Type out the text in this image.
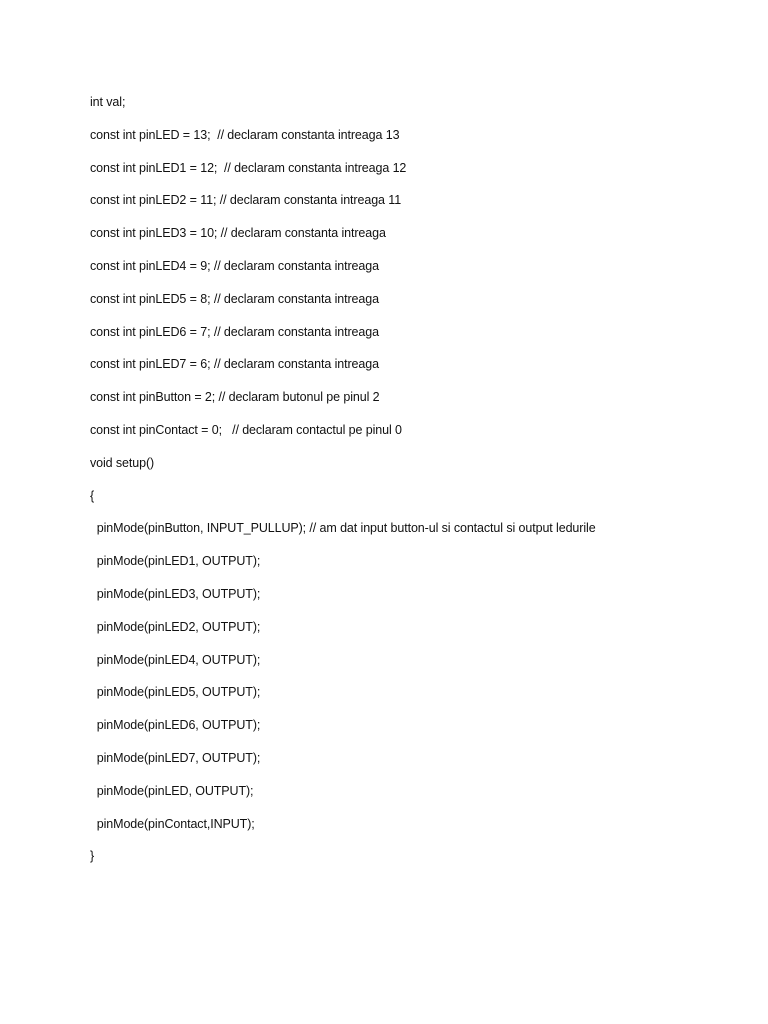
int val;
const int pinLED = 13;  // declaram constanta intreaga 13
const int pinLED1 = 12;  // declaram constanta intreaga 12
const int pinLED2 = 11; // declaram constanta intreaga 11
const int pinLED3 = 10; // declaram constanta intreaga
const int pinLED4 = 9; // declaram constanta intreaga
const int pinLED5 = 8; // declaram constanta intreaga
const int pinLED6 = 7; // declaram constanta intreaga
const int pinLED7 = 6; // declaram constanta intreaga
const int pinButton = 2; // declaram butonul pe pinul 2
const int pinContact = 0;   // declaram contactul pe pinul 0
void setup()
{
pinMode(pinButton, INPUT_PULLUP); // am dat input button-ul si contactul si output ledurile
pinMode(pinLED1, OUTPUT);
pinMode(pinLED3, OUTPUT);
pinMode(pinLED2, OUTPUT);
pinMode(pinLED4, OUTPUT);
pinMode(pinLED5, OUTPUT);
pinMode(pinLED6, OUTPUT);
pinMode(pinLED7, OUTPUT);
pinMode(pinLED, OUTPUT);
pinMode(pinContact,INPUT);
}
